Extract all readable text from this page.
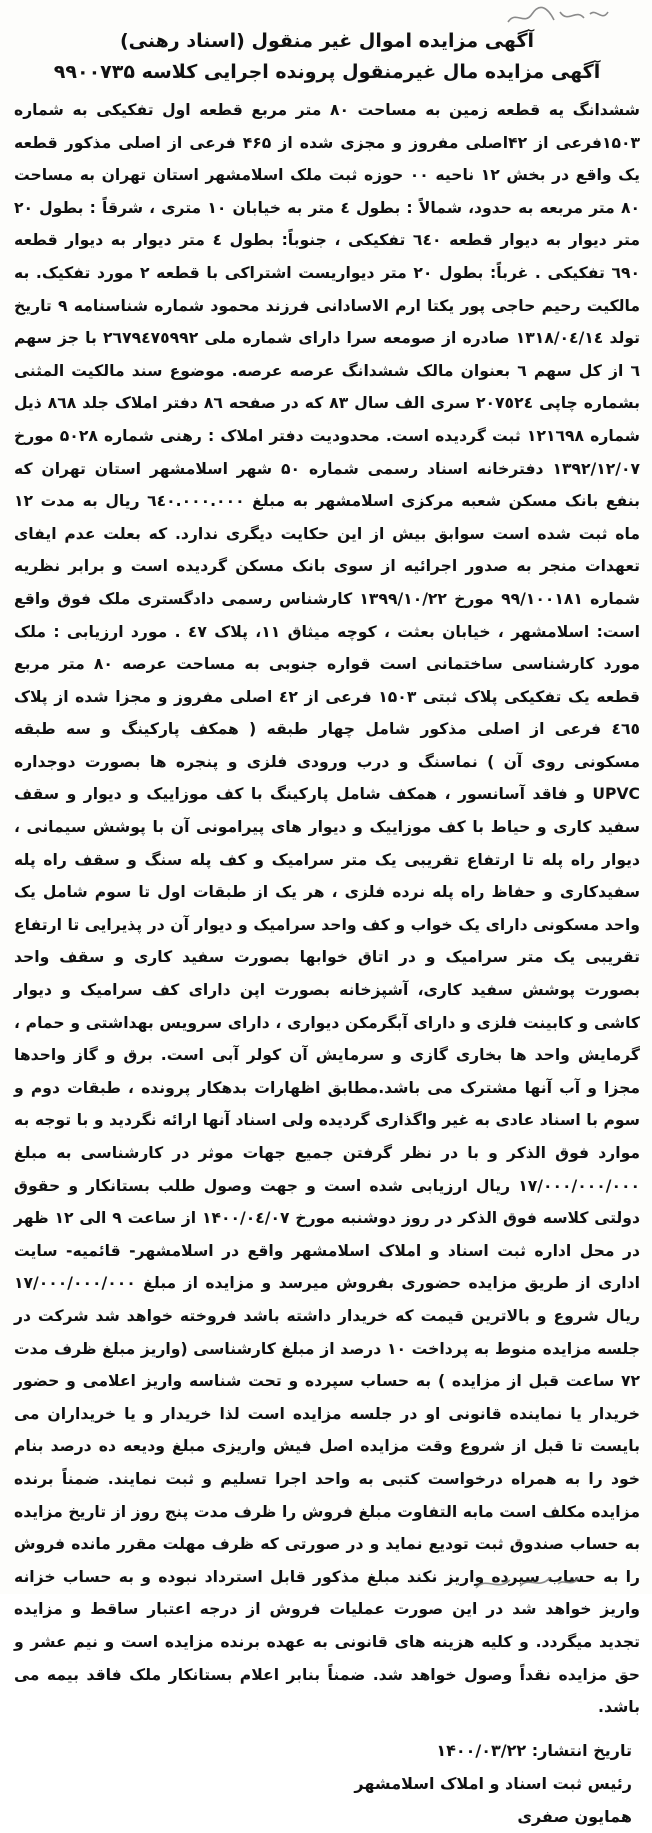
آگهی مزایده اموال غیر منقول (اسناد رهنی)
آگهی مزایده مال غیرمنقول پرونده اجرایی کلاسه ۹۹۰۰۷۳۵

ششدانگ یه قطعه زمین به مساحت ۸۰ متر مربع قطعه اول تفکیکی به شماره ۱۵۰۳فرعی از ۴۲اصلی مفروز و مجزی شده از ۴۶۵ فرعی از اصلی مذکور قطعه یک واقع در بخش ۱۲ ناحیه ۰۰ حوزه ثبت ملک اسلامشهر استان تهران به مساحت ۸۰ متر مربعه به حدود، شمالاً : بطول ٤ متر به خیابان ۱۰ متری ، شرقاً : بطول ۲۰ متر دیوار به دیوار قطعه ٦٤٠ تفکیکی ، جنوباً: بطول ٤ متر دیوار به دیوار قطعه ٦٩٠ تفکیکی . غرباً: بطول ۲۰ متر دیواریست اشتراکی با قطعه ۲ مورد تفکیک. به مالکیت رحیم حاجی پور یکتا ارم الاسادانی فرزند محمود شماره شناسنامه ۹ تاریخ تولد ۱۳۱۸/۰٤/۱٤ صادره از صومعه سرا دارای شماره ملی ۲٦۷۹٤٧٥٩٩۲ با جز سهم ٦ از کل سهم ٦ بعنوان مالک ششدانگ عرصه عرصه. موضوع سند مالکیت المثنی بشماره چاپی ۲۰۷٥۲٤ سری الف سال ۸۳ که در صفحه ۸٦ دفتر املاک جلد ۸٦۸ ذیل شماره ۱۲۱٦۹۸ ثبت گردیده است. محدودیت دفتر املاک : رهنی شماره ۵۰۲۸ مورخ ۱۳۹۲/۱۲/۰۷ دفترخانه اسناد رسمی شماره ۵۰ شهر اسلامشهر استان تهران که بنفع بانک مسکن شعبه مرکزی اسلامشهر به مبلغ ٦٤۰.۰۰۰.۰۰۰ ریال به مدت ۱۲ ماه ثبت شده است سوابق بیش از این حکایت دیگری ندارد. که بعلت عدم ایفای تعهدات منجر به صدور اجرائیه از سوی بانک مسکن گردیده است و برابر نظریه شماره ۹۹/۱۰۰۱۸۱ مورخ ۱۳۹۹/۱۰/۲۲ کارشناس رسمی دادگستری ملک فوق واقع است: اسلامشهر ، خیابان بعثت ، کوچه میثاق ۱۱، پلاک ٤۷ . مورد ارزیابی : ملک مورد کارشناسی ساختمانی است قواره جنوبی به مساحت عرصه ۸۰ متر مربع قطعه یک تفکیکی پلاک ثبتی ۱۵۰۳ فرعی از ٤۲ اصلی مفروز و مجزا شده از پلاک ٤٦٥ فرعی از اصلی مذکور شامل چهار طبقه ( همکف پارکینگ و سه طبقه مسکونی روی آن ) نماسنگ و درب ورودی فلزی و پنجره ها بصورت دوجداره UPVC و فاقد آسانسور ، همکف شامل پارکینگ با کف موزاییک و دیوار و سقف سفید کاری و حیاط با کف موزاییک و دیوار های پیرامونی آن با پوشش سیمانی ، دیوار راه پله تا ارتفاع تقریبی یک متر سرامیک و کف پله سنگ و سقف راه پله سفیدکاری و حفاظ راه پله نرده فلزی ، هر یک از طبقات اول تا سوم شامل یک واحد مسکونی دارای یک خواب و کف واحد سرامیک و دیوار آن در پذیرایی تا ارتفاع تقریبی یک متر سرامیک و در اتاق خوابها بصورت سفید کاری و سقف واحد بصورت پوشش سفید کاری، آشپزخانه بصورت اپن دارای کف سرامیک و دیوار کاشی و کابینت فلزی و دارای آبگرمکن دیواری ، دارای سرویس بهداشتی و حمام ، گرمایش واحد ها بخاری گازی و سرمایش آن کولر آبی است. برق و گاز واحدها مجزا و آب آنها مشترک می باشد.مطابق اظهارات بدهکار پرونده ، طبقات دوم و سوم با اسناد عادی به غیر واگذاری گردیده ولی اسناد آنها ارائه نگردید و با توجه به موارد فوق الذکر و با در نظر گرفتن جمیع جهات موثر در کارشناسی به مبلغ ۱۷/۰۰۰/۰۰۰/۰۰۰ ریال ارزیابی شده است و جهت وصول طلب بستانکار و حقوق دولتی کلاسه فوق الذکر در روز دوشنبه مورخ ۱۴۰۰/۰٤/۰۷ از ساعت ۹ الی ۱۲ ظهر در محل اداره ثبت اسناد و املاک اسلامشهر واقع در اسلامشهر- قائمیه- سایت اداری از طریق مزایده حضوری بفروش میرسد و مزایده از مبلغ ۱۷/۰۰۰/۰۰۰/۰۰۰ ریال شروع و بالاترین قیمت که خریدار داشته باشد فروخته خواهد شد شرکت در جلسه مزایده منوط به پرداخت ۱۰ درصد از مبلغ کارشناسی (واریز مبلغ ظرف مدت ۷۲ ساعت قبل از مزایده ) به حساب سپرده و تحت شناسه واریز اعلامی و حضور خریدار یا نماینده قانونی او در جلسه مزایده است لذا خریدار و یا خریداران می بایست تا قبل از شروع وقت مزایده اصل فیش واریزی مبلغ ودیعه ده درصد بنام خود را به همراه درخواست کتبی به واحد اجرا تسلیم و ثبت نمایند. ضمناً برنده مزایده مکلف است مابه التفاوت مبلغ فروش را ظرف مدت پنج روز از تاریخ مزایده به حساب صندوق ثبت تودیع نماید و در صورتی که ظرف مهلت مقرر مانده فروش را به حساب سپرده واریز نکند مبلغ مذکور قابل استرداد نبوده و به حساب خزانه واریز خواهد شد در این صورت عملیات فروش از درجه اعتبار ساقط و مزایده تجدید میگردد. و کلیه هزینه های قانونی به عهده برنده مزایده است و نیم عشر و حق مزایده نقداً وصول خواهد شد. ضمناً بنابر اعلام بستانکار ملک فاقد بیمه می باشد.

تاریخ انتشار: ۱۴۰۰/۰۳/۲۲
رئیس ثبت اسناد و املاک اسلامشهر
همایون صفری
